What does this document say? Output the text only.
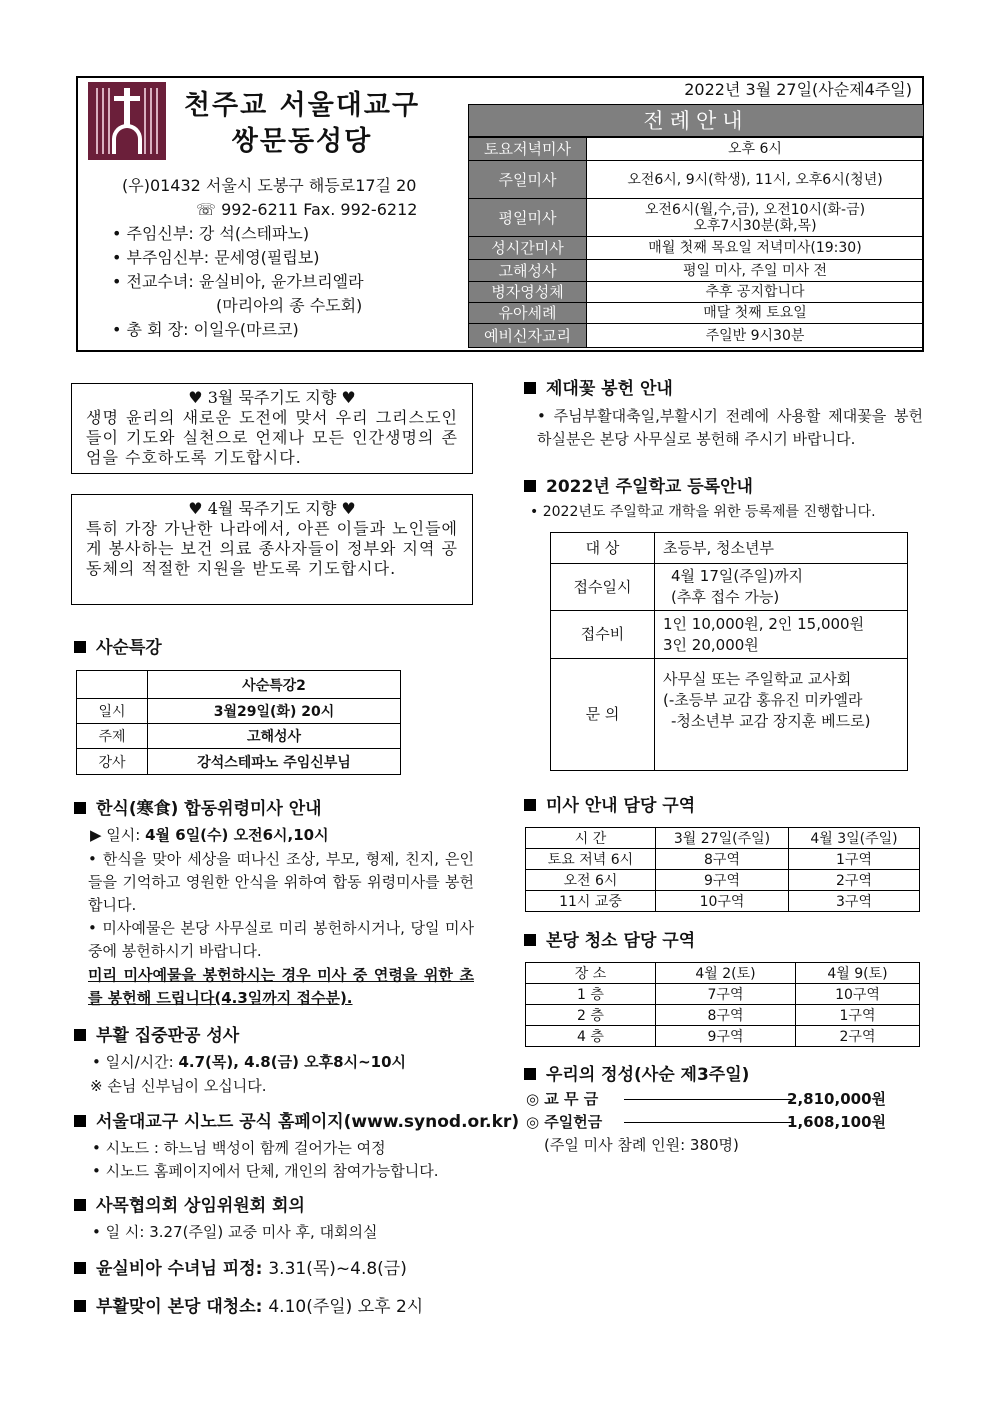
천주교 서울대교구
쌍문동성당
(우)01432 서울시 도봉구 해등로17길 20
☏ 992-6211 Fax. 992-6212
• 주임신부: 강 석(스테파노)
• 부주임신부: 문세영(필립보)
• 전교수녀: 윤실비아, 윤가브리엘라
(마리아의 종 수도회)
• 총 회 장: 이일우(마르코)
2022년 3월 27일(사순제4주일)
전례안내
토요저녁미사	오후 6시
주일미사	오전6시, 9시(학생), 11시, 오후6시(청년)
평일미사	오전6시(월,수,금), 오전10시(화-금)
오후7시30분(화,목)

성시간미사	매월 첫째 목요일 저녁미사(19:30)
고해성사	평일 미사, 주일 미사 전
병자영성체	추후 공지합니다
유아세례	매달 첫째 토요일
예비신자교리	주일반 9시30분
♥ 3월 묵주기도 지향 ♥
생명 윤리의 새로운 도전에 맞서 우리 그리스도인들이 기도와 실천으로 언제나 모든 인간생명의 존엄을 수호하도록 기도합시다.
♥ 4월 묵주기도 지향 ♥
특히 가장 가난한 나라에서, 아픈 이들과 노인들에게 봉사하는 보건 의료 종사자들이 정부와 지역 공동체의 적절한 지원을 받도록 기도합시다.
사순특강
	사순특강2
일시	3월29일(화) 20시
주제	고해성사
강사	강석스테파노 주임신부님
한식(寒食) 합동위령미사 안내
▶ 일시: 4월 6일(수) 오전6시,10시
• 한식을 맞아 세상을 떠나신 조상, 부모, 형제, 친지, 은인들을 기억하고 영원한 안식을 위하여 합동 위령미사를 봉헌합니다.
• 미사예물은 본당 사무실로 미리 봉헌하시거나, 당일 미사 중에 봉헌하시기 바랍니다.
미리 미사예물을 봉헌하시는 경우 미사 중 연령을 위한 초를 봉헌해 드립니다(4.3일까지 접수분).
부활 집중판공 성사
• 일시/시간: 4.7(목), 4.8(금) 오후8시~10시
※ 손님 신부님이 오십니다.
서울대교구 시노드 공식 홈페이지(www.synod.or.kr)
• 시노드 : 하느님 백성이 함께 걸어가는 여정
• 시노드 홈페이지에서 단체, 개인의 참여가능합니다.
사목협의회 상임위원회 회의
• 일 시: 3.27(주일) 교중 미사 후, 대회의실
윤실비아 수녀님 피정: 3.31(목)~4.8(금)
부활맞이 본당 대청소: 4.10(주일) 오후 2시
제대꽃 봉헌 안내
• 주님부활대축일,부활시기 전례에 사용할 제대꽃을 봉헌 하실분은 본당 사무실로 봉헌해 주시기 바랍니다.
2022년 주일학교 등록안내
• 2022년도 주일학교 개학을 위한 등록제를 진행합니다.
대 상	초등부, 청소년부

접수일시	4월 17일(주일)까지
(추후 접수 가능)

접수비	1인 10,000원, 2인 15,000원
3인 20,000원

문 의	사무실 또는 주일학교 교사회
(-초등부 교감 홍유진 미카엘라
-청소년부 교감 장지훈 베드로)
미사 안내 담당 구역
시 간	3월 27일(주일)	4월 3일(주일)
토요 저녁 6시	8구역	1구역
오전 6시	9구역	2구역
11시 교중	10구역	3구역
본당 청소 담당 구역
장 소	4월 2(토)	4월 9(토)
1 층	7구역	10구역
2 층	8구역	1구역
4 층	9구역	2구역
우리의 정성(사순 제3주일)
◎ 교 무 금	2,810,000원
◎ 주일헌금	1,608,100원
(주일 미사 참례 인원: 380명)
